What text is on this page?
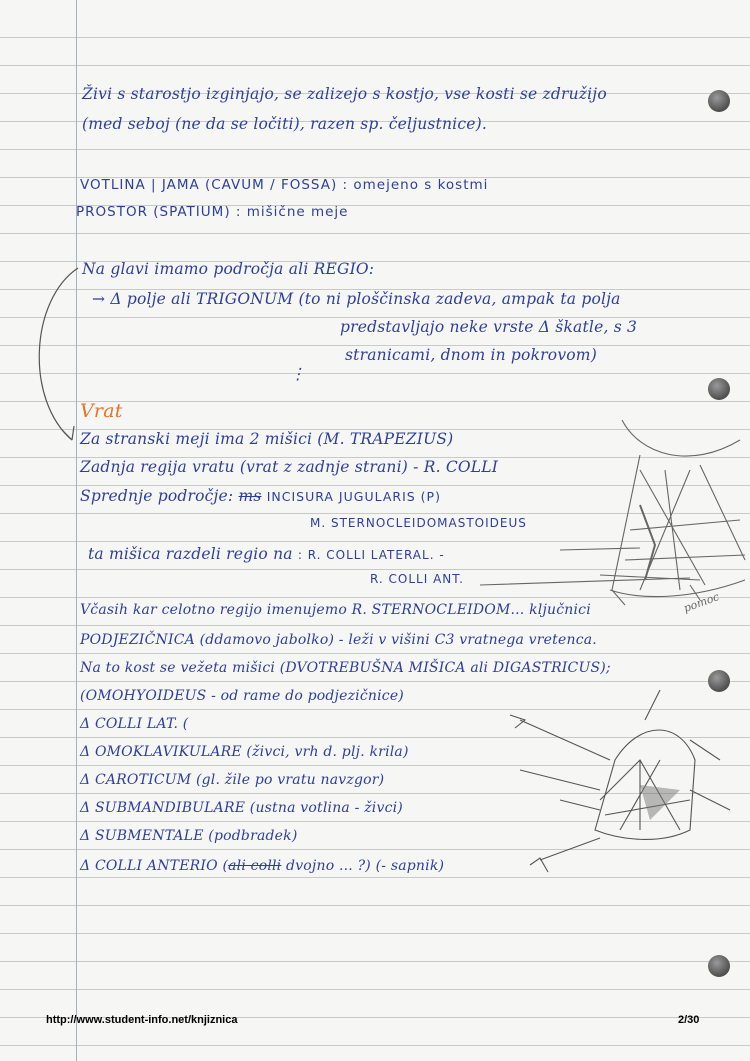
Živi s starostjo izginjajo, se zalizejo s kostjo, vse kosti se združijo
(med seboj (ne da se ločiti), razen sp. čeljustnice).
VOTLINA | JAMA (CAVUM / FOSSA) : omejeno s kostmi
PROSTOR (SPATIUM) : mišične meje
Na glavi imamo področja ali REGIO:
→ Δ polje ali TRIGONUM (to ni ploščinska zadeva, ampak ta polja
predstavljajo neke vrste Δ škatle, s 3
stranicami, dnom in pokrovom)
⋮
Vrat
Za stranski meji ima 2 mišici (M. TRAPEZIUS)
Zadnja regija vratu (vrat z zadnje strani) - R. COLLI
Sprednje področje: ms INCISURA JUGULARIS (P)
M. STERNOCLEIDOMASTOIDEUS
ta mišica razdeli regio na : R. COLLI LATERAL. -
R. COLLI ANT.
Včasih kar celotno regijo imenujemo R. STERNOCLEIDOM... ključnici	pomoc
PODJEZIČNICA (ddamovo jabolko) - leži v višini C3 vratnega vretenca.
Na to kost se vežeta mišici (DVOTREBUŠNA MIŠICA ali DIGASTRICUS);
(OMOHYOIDEUS - od rame do podjezičnice)
Δ COLLI LAT. (
Δ OMOKLAVIKULARE (živci, vrh d. plj. krila)
Δ CAROTICUM (gl. žile po vratu navzgor)
Δ SUBMANDIBULARE (ustna votlina - živci)
Δ SUBMENTALE (podbradek)
Δ COLLI ANTERIO (ali colli dvojno ... ?) (- sapnik)
http://www.student-info.net/knjiznica	2/30
